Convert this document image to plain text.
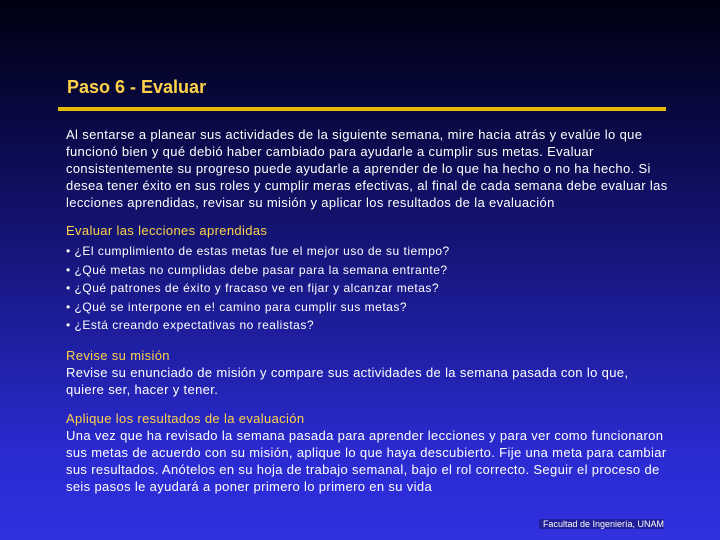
Paso 6 - Evaluar

Al sentarse a planear sus actividades de la siguiente semana, mire hacia atrás y evalúe lo que funcionó bien y qué debió haber cambiado para ayudarle a cumplir sus metas. Evaluar consistentemente su progreso puede ayudarle a aprender de lo que ha hecho o no ha hecho. Si desea tener éxito en sus roles y cumplir meras efectivas, al final de cada semana debe evaluar las lecciones aprendidas, revisar su misión y aplicar los resultados de la evaluación

Evaluar las lecciones aprendidas

• ¿El cumplimiento de estas metas fue el mejor uso de su tiempo?
• ¿Qué metas no cumplidas debe pasar para la semana entrante?
• ¿Qué patrones de éxito y fracaso ve en fijar y alcanzar metas?
• ¿Qué se interpone en e! camino para cumplir sus metas?
• ¿Está creando expectativas no realistas?

Revise su misión

Revise su enunciado de misión y compare sus actividades de la semana pasada con lo que, quiere ser, hacer y tener.

Aplique los resultados de la evaluación

Una vez que ha revisado la semana pasada para aprender lecciones y para ver como funcionaron sus metas de acuerdo con su misión, aplique lo que haya descubierto. Fije una meta para cambiar sus resultados. Anótelos en su hoja de trabajo semanal, bajo el rol correcto. Seguir el proceso de seis pasos le ayudará a poner primero lo primero en su vida

Facultad de Ingeniería, UNAM
